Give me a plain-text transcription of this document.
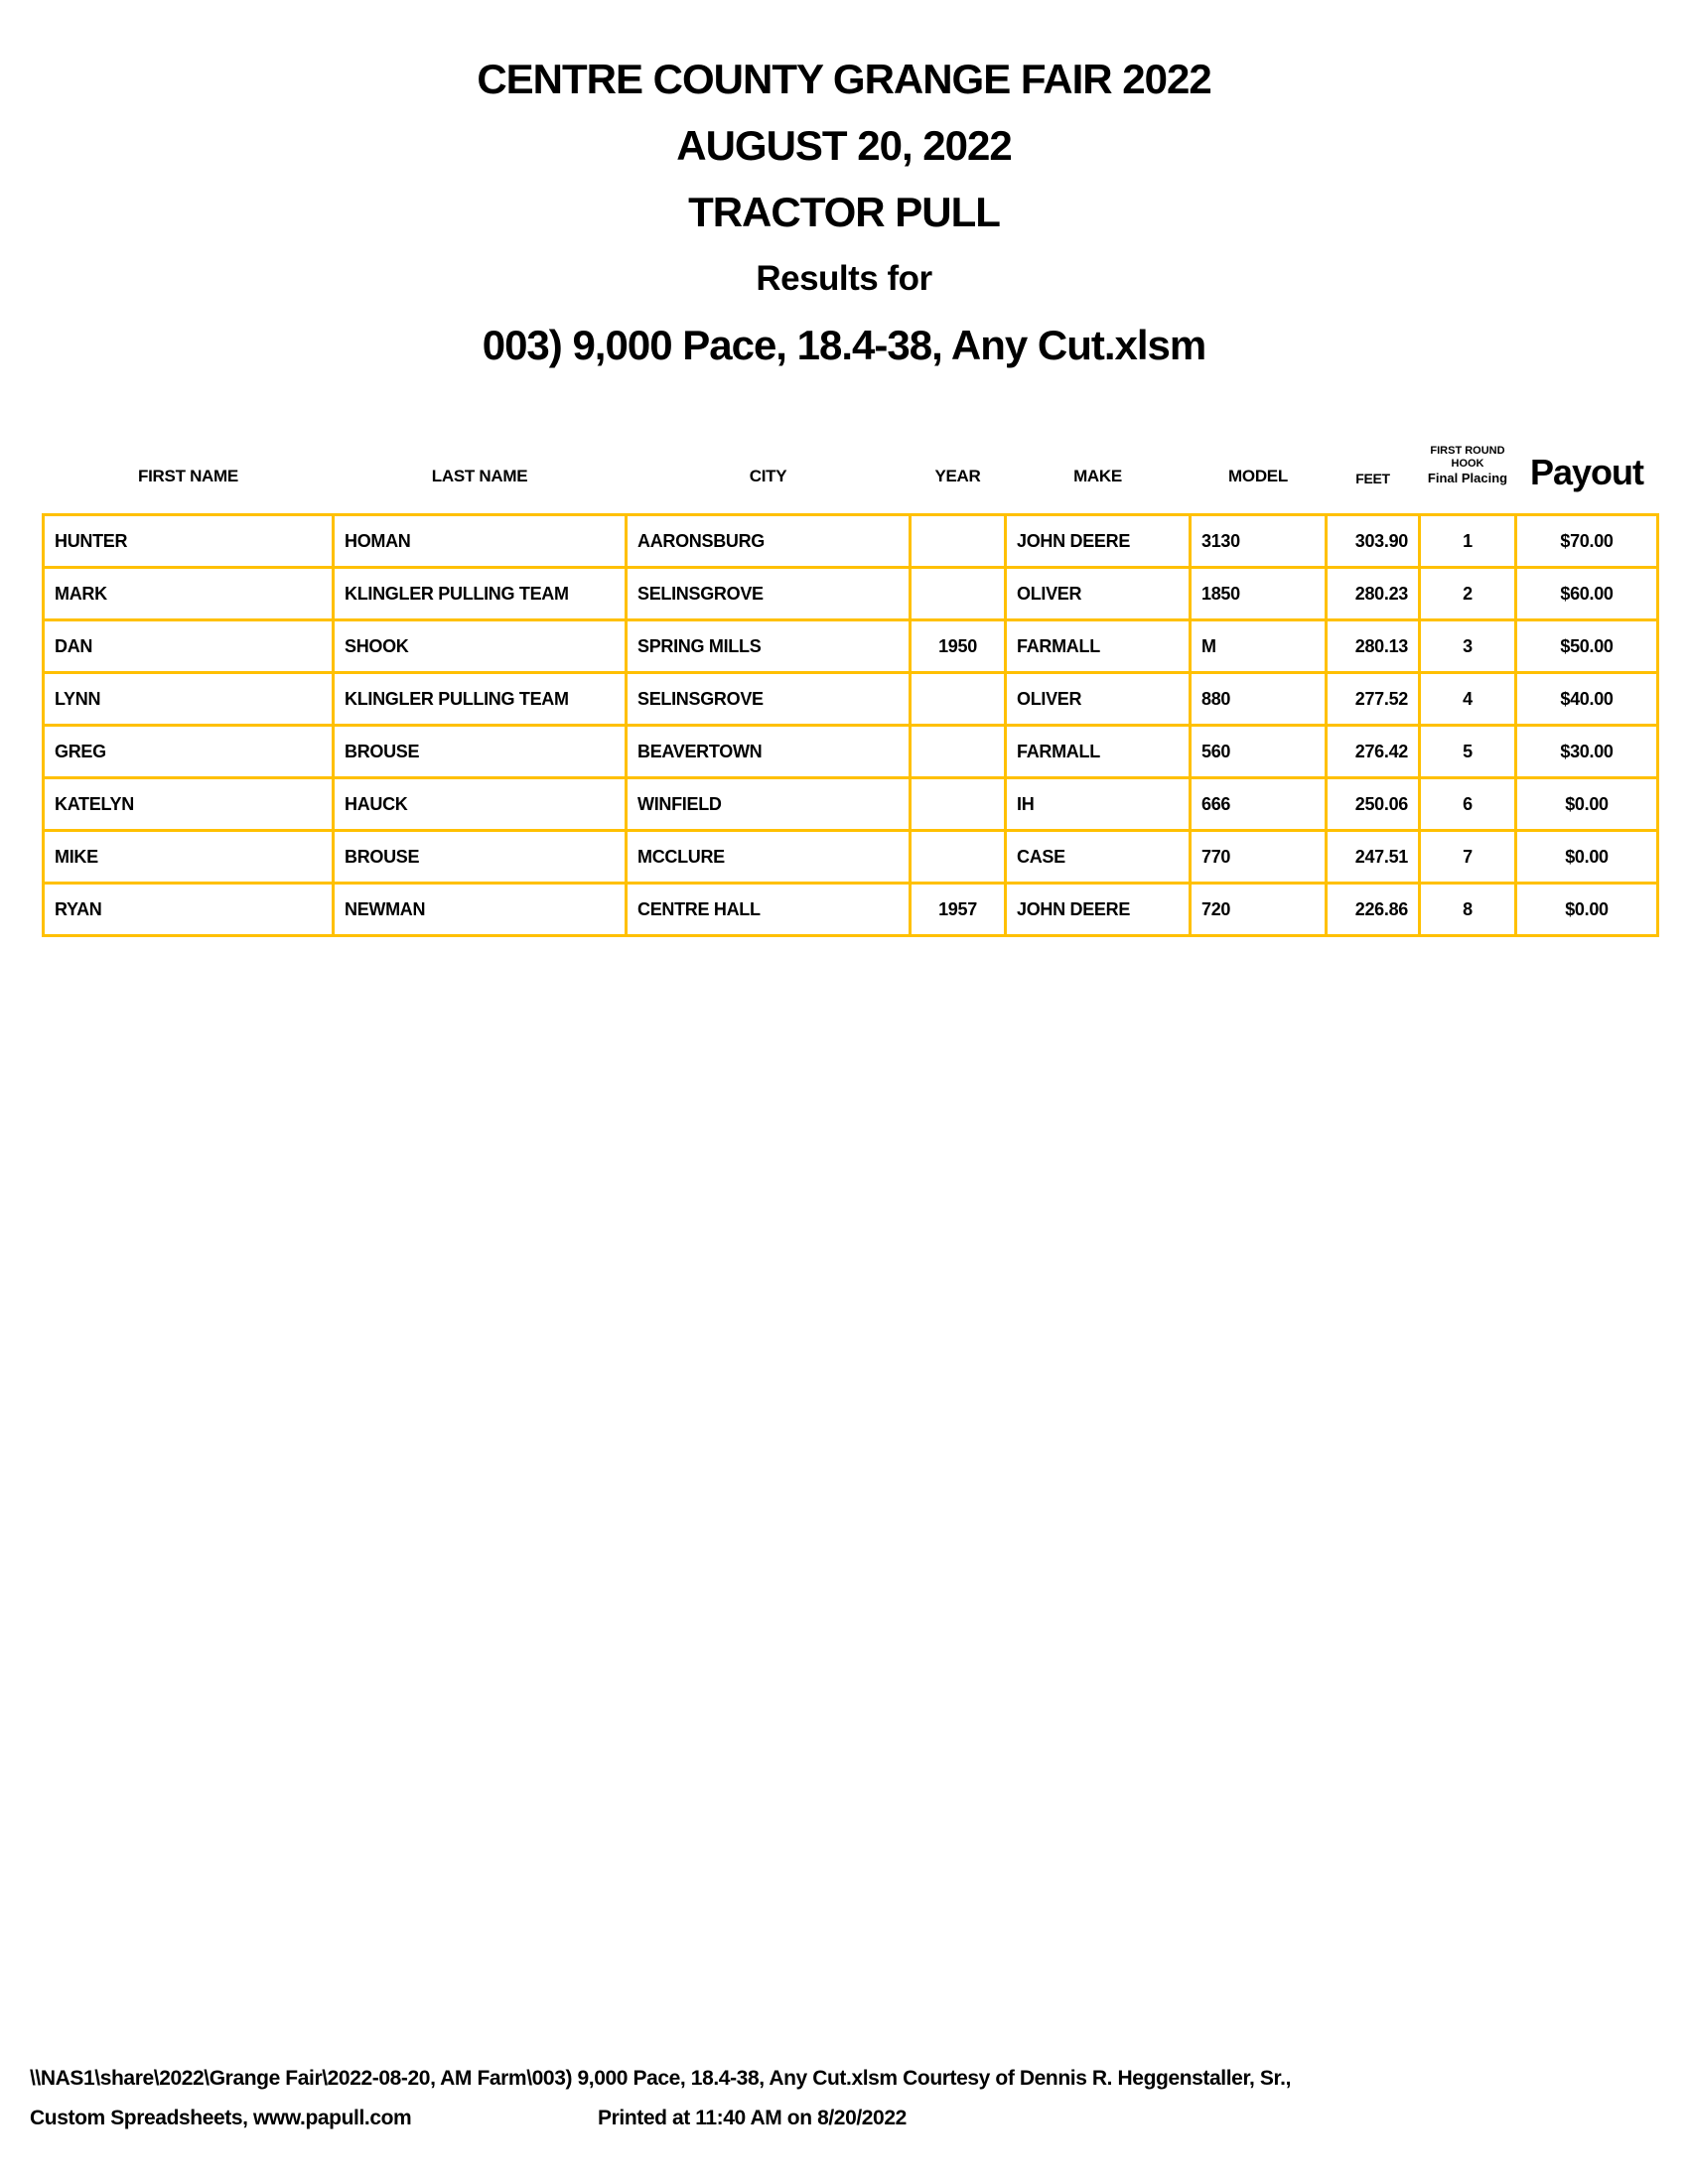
CENTRE COUNTY GRANGE FAIR 2022
AUGUST 20, 2022
TRACTOR PULL
Results for
003) 9,000 Pace, 18.4-38, Any Cut.xlsm
FIRST NAME	LAST NAME	CITY	YEAR	MAKE	MODEL	FEET	FIRST ROUND
HOOK
Final Placing	Payout
HUNTER	HOMAN	AARONSBURG		JOHN DEERE	3130	303.90	1	$70.00
MARK	KLINGLER PULLING TEAM	SELINSGROVE		OLIVER	1850	280.23	2	$60.00
DAN	SHOOK	SPRING MILLS	1950	FARMALL	M	280.13	3	$50.00
LYNN	KLINGLER PULLING TEAM	SELINSGROVE		OLIVER	880	277.52	4	$40.00
GREG	BROUSE	BEAVERTOWN		FARMALL	560	276.42	5	$30.00
KATELYN	HAUCK	WINFIELD		IH	666	250.06	6	$0.00
MIKE	BROUSE	MCCLURE		CASE	770	247.51	7	$0.00
RYAN	NEWMAN	CENTRE HALL	1957	JOHN DEERE	720	226.86	8	$0.00
\\NAS1\share\2022\Grange Fair\2022-08-20, AM Farm\003) 9,000 Pace, 18.4-38, Any Cut.xlsm Courtesy of Dennis R. Heggenstaller, Sr.,
Custom Spreadsheets, www.papull.com	Printed at 11:40 AM on 8/20/2022
